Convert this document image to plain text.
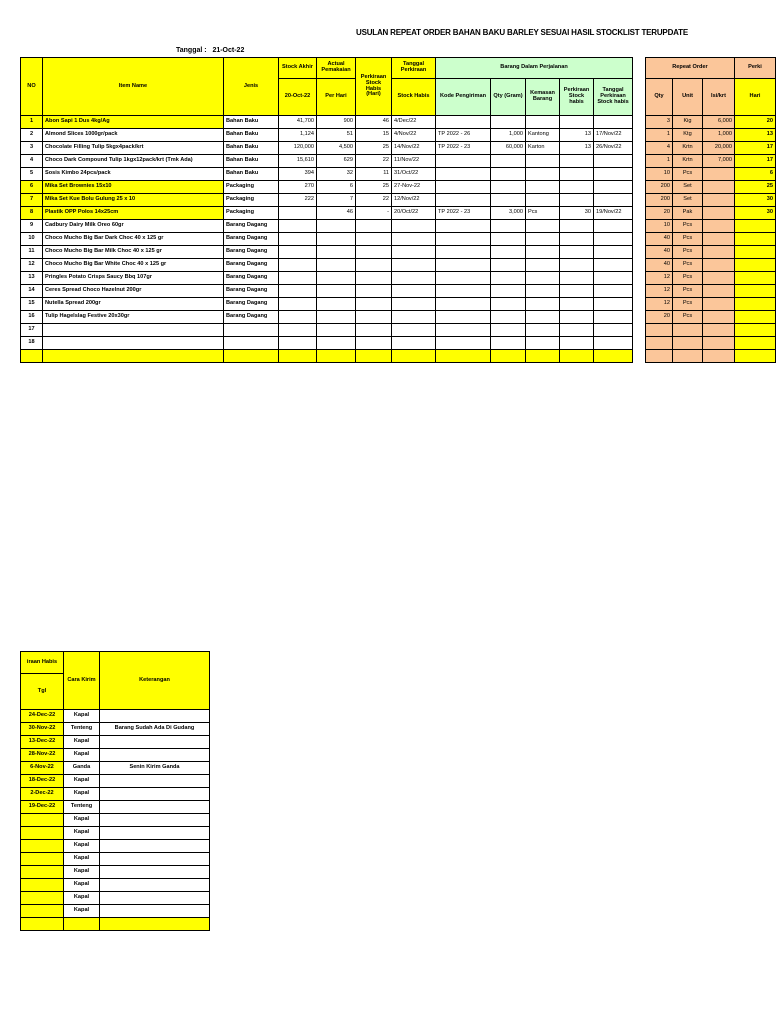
USULAN REPEAT ORDER BAHAN BAKU BARLEY SESUAI HASIL STOCKLIST TERUPDATE
Tanggal : 21-Oct-22
NO	Item Name	Jenis	Stock Akhir	Actual Pemakaian	Perkiraan Stock Habis (Hari)	Tanggal Perkiraan	Barang Dalam Perjalanan				
			20-Oct-22	Per Hari		Stock Habis	Kode Pengiriman	Qty (Gram)	Kemasan Barang	Perkiraan Stock habis	Tanggal Perkiraan Stock habis
1	Abon Sapi 1 Dus 4kg/Ag	Bahan Baku	41,700	900	46	4/Dec/22					
2	Almond Slices 1000gr/pack	Bahan Baku	1,124	51	15	4/Nov/22	TP 2022 - 26	1,000	Kantong	13	17/Nov/22
3	Chocolate Filling Tulip 5kgx4pack/krt	Bahan Baku	120,000	4,500	25	14/Nov/22	TP 2022 - 23	60,000	Karton	13	26/Nov/22
4	Choco Dark Compound Tulip 1kgx12pack/krt (Tmk Ada)	Bahan Baku	15,610	629	22	11/Nov/22					
5	Sosis Kimbo 24pcs/pack	Bahan Baku	394	32	11	31/Oct/22					
6	Mika Set Brownies 15x10	Packaging	270	6	25	27-Nov-22					
7	Mika Set Kue Bolu Gulung 25 x 10	Packaging	222	7	22	12/Nov/22					
8	Plastik OPP Polos 14x25cm	Packaging		46	-	20/Oct/22	TP 2022 - 23	3,000	Pcs	30	19/Nov/22
9	Cadbury Dairy Milk Oreo 60gr	Barang Dagang									
10	Choco Mucho Big Bar Dark Choc 40 x 125 gr	Barang Dagang									
11	Choco Mucho Big Bar Milk Choc 40 x 125 gr	Barang Dagang									
12	Choco Mucho Big Bar White Choc 40 x 125 gr	Barang Dagang									
13	Pringles Potato Crisps Saucy Bbq 107gr	Barang Dagang									
14	Ceres Spread Choco Hazelnut 200gr	Barang Dagang									
15	Nutella Spread 200gr	Barang Dagang									
16	Tulip Hagelslag Festive 20x30gr	Barang Dagang									
17											
18											

Repeat Order			Perki
Qty	Unit	Isi/krt	Hari
3	Kig	6,000	20
1	Ktg	1,000	13
4	Krtn	20,000	17
1	Krtn	7,000	17
10	Pcs		6
200	Set		25
200	Set		30
20	Pak		30
10	Pcs		
40	Pcs		
40	Pcs		
40	Pcs		
12	Pcs		
12	Pcs		
12	Pcs		
20	Pcs		

iraan Habis	Cara Kirim	Keterangan
Tgl		
24-Dec-22	Kapal	
30-Nov-22	Tenteng	Barang Sudah Ada Di Gudang
13-Dec-22	Kapal	
28-Nov-22	Kapal	
6-Nov-22	Ganda	Senin Kirim Ganda
18-Dec-22	Kapal	
2-Dec-22	Kapal	
19-Dec-22	Tenteng	
	Kapal	
	Kapal	
	Kapal	
	Kapal	
	Kapal	
	Kapal	
	Kapal	
	Kapal	
